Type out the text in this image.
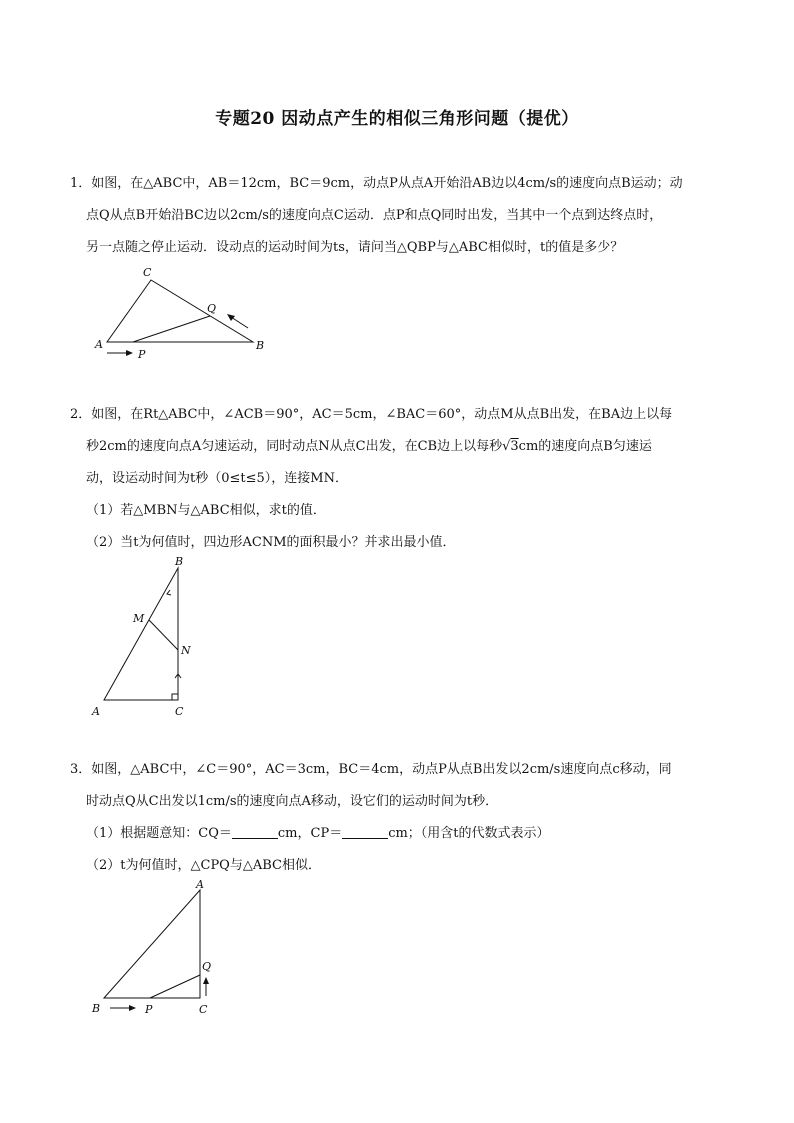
专题20 因动点产生的相似三角形问题（提优）
1．如图，在△ABC中，AB＝12cm，BC＝9cm，动点P从点A开始沿AB边以4cm/s的速度向点B运动；动
点Q从点B开始沿BC边以2cm/s的速度向点C运动．点P和点Q同时出发，当其中一个点到达终点时，
另一点随之停止运动．设动点的运动时间为ts，请问当△QBP与△ABC相似时，t的值是多少？
C
A	B
Q
P
2．如图，在Rt△ABC中，∠ACB＝90°，AC＝5cm，∠BAC＝60°，动点M从点B出发，在BA边上以每
秒2cm的速度向点A匀速运动，同时动点N从点C出发，在CB边上以每秒√3cm的速度向点B匀速运
动，设运动时间为t秒（0≤t≤5），连接MN．
（1）若△MBN与△ABC相似，求t的值．
（2）当t为何值时，四边形ACNM的面积最小？并求出最小值．
B
M
N
A	C
3．如图，△ABC中，∠C＝90°，AC＝3cm，BC＝4cm，动点P从点B出发以2cm/s速度向点c移动，同
时动点Q从C出发以1cm/s的速度向点A移动，设它们的运动时间为t秒．
（1）根据题意知：CQ＝	cm，CP＝	cm；（用含t的代数式表示）
（2）t为何值时，△CPQ与△ABC相似．
A
Q
B	P	C
